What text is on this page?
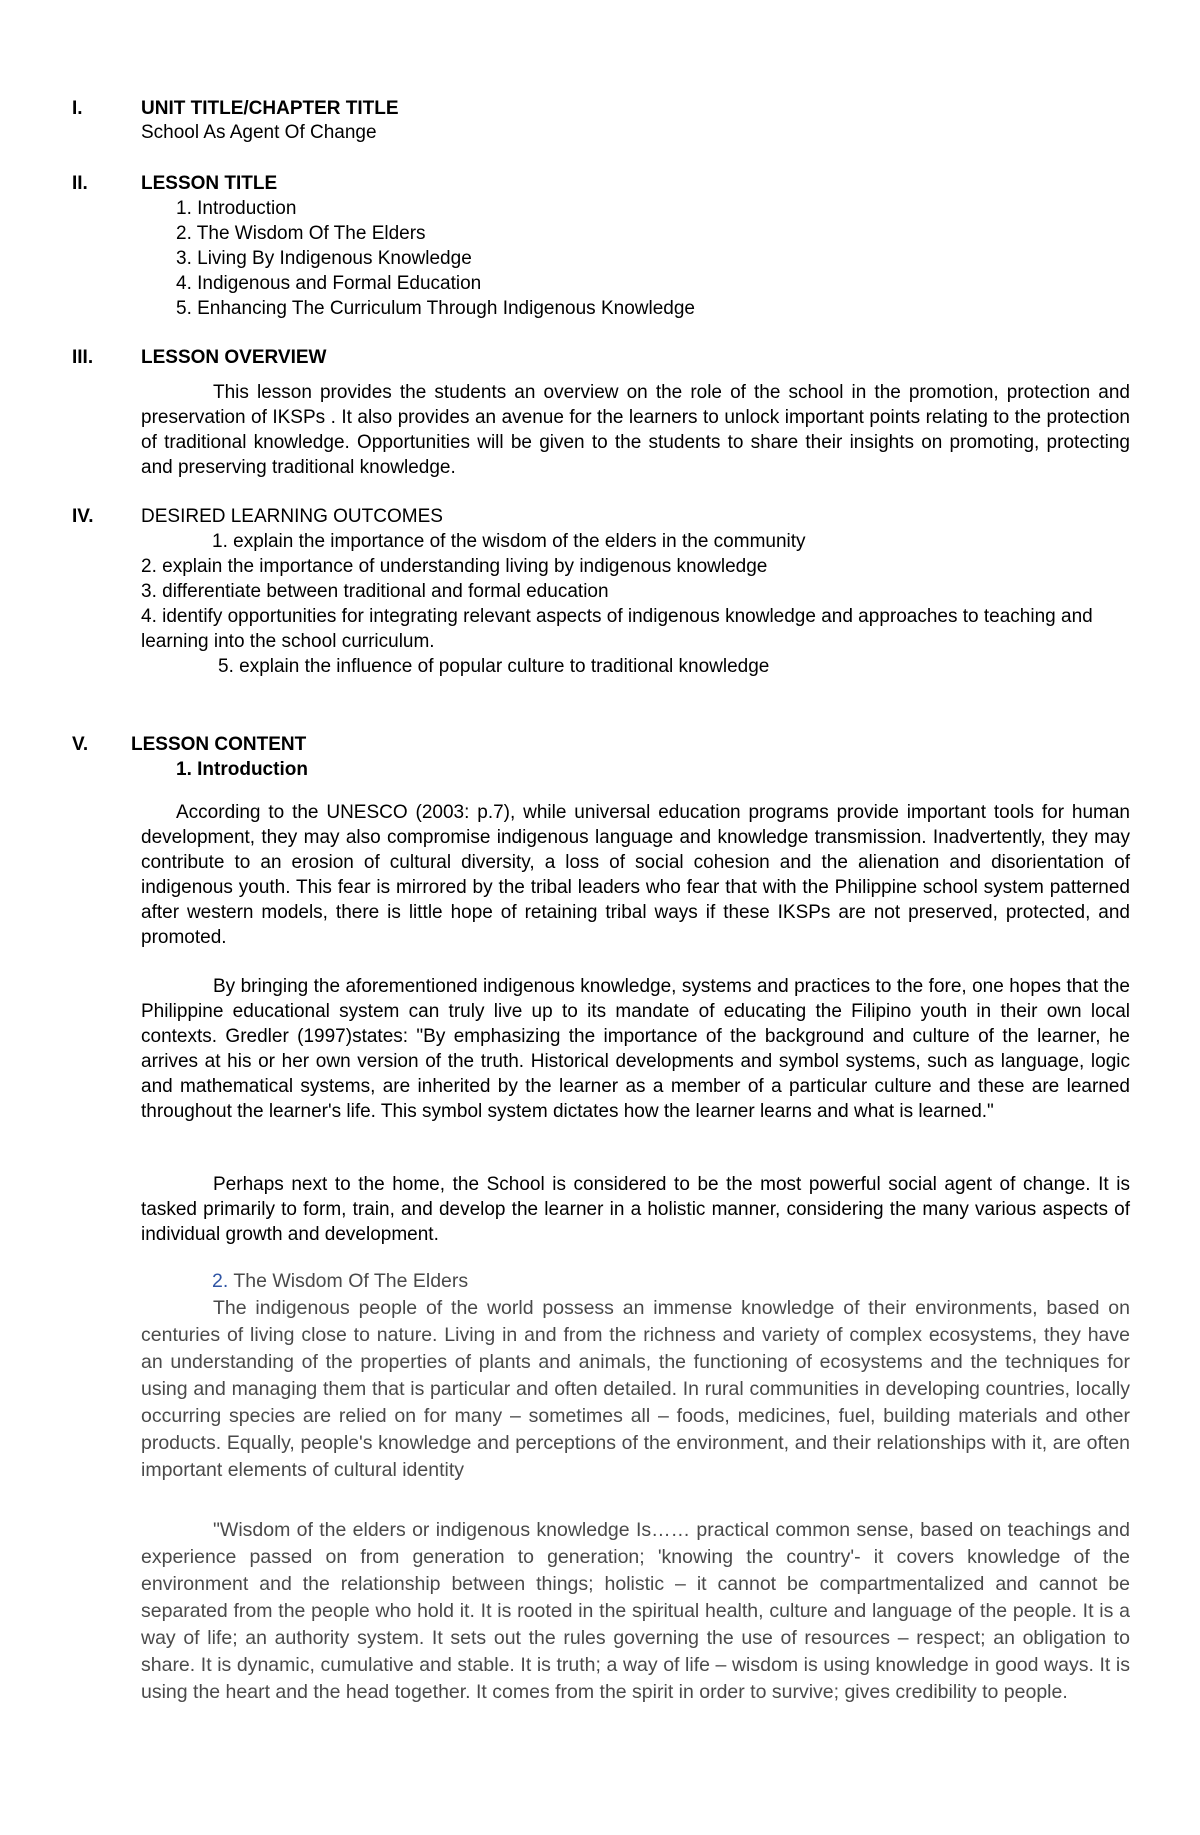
I.	UNIT TITLE/CHAPTER TITLE
School As Agent Of Change
II.	LESSON TITLE
1. Introduction
2. The Wisdom Of The Elders
3. Living By Indigenous Knowledge
4. Indigenous and Formal Education
5. Enhancing The Curriculum Through Indigenous Knowledge
III.	LESSON OVERVIEW

This lesson provides the students an overview on the role of the school in the promotion, protection and preservation of IKSPs . It also provides an avenue for the learners to unlock important points relating to the protection of traditional knowledge. Opportunities will be given to the students to share their insights on promoting, protecting and preserving traditional knowledge.

IV.	DESIRED LEARNING OUTCOMES
1. explain the importance of the wisdom of the elders in the community
2. explain the importance of understanding living by indigenous knowledge
3. differentiate between traditional and formal education

4. identify opportunities for integrating relevant aspects of indigenous knowledge and approaches to teaching and learning into the school curriculum.

5. explain the influence of popular culture to traditional knowledge
V. LESSON CONTENT
1. Introduction

According to the UNESCO (2003: p.7), while universal education programs provide important tools for human development, they may also compromise indigenous language and knowledge transmission. Inadvertently, they may contribute to an erosion of cultural diversity, a loss of social cohesion and the alienation and disorientation of indigenous youth. This fear is mirrored by the tribal leaders who fear that with the Philippine school system patterned after western models, there is little hope of retaining tribal ways if these IKSPs are not preserved, protected, and promoted.

By bringing the aforementioned indigenous knowledge, systems and practices to the fore, one hopes that the Philippine educational system can truly live up to its mandate of educating the Filipino youth in their own local contexts. Gredler (1997)states: "By emphasizing the importance of the background and culture of the learner, he arrives at his or her own version of the truth. Historical developments and symbol systems, such as language, logic and mathematical systems, are inherited by the learner as a member of a particular culture and these are learned throughout the learner's life. This symbol system dictates how the learner learns and what is learned."

Perhaps next to the home, the School is considered to be the most powerful social agent of change. It is tasked primarily to form, train, and develop the learner in a holistic manner, considering the many various aspects of individual growth and development.

2. The Wisdom Of The Elders

The indigenous people of the world possess an immense knowledge of their environments, based on centuries of living close to nature. Living in and from the richness and variety of complex ecosystems, they have an understanding of the properties of plants and animals, the functioning of ecosystems and the techniques for using and managing them that is particular and often detailed. In rural communities in developing countries, locally occurring species are relied on for many – sometimes all – foods, medicines, fuel, building materials and other products. Equally, people's knowledge and perceptions of the environment, and their relationships with it, are often important elements of cultural identity

"Wisdom of the elders or indigenous knowledge Is…… practical common sense, based on teachings and experience passed on from generation to generation; 'knowing the country'- it covers knowledge of the environment and the relationship between things; holistic – it cannot be compartmentalized and cannot be separated from the people who hold it. It is rooted in the spiritual health, culture and language of the people. It is a way of life; an authority system. It sets out the rules governing the use of resources – respect; an obligation to share. It is dynamic, cumulative and stable. It is truth; a way of life – wisdom is using knowledge in good ways. It is using the heart and the head together. It comes from the spirit in order to survive; gives credibility to people.
